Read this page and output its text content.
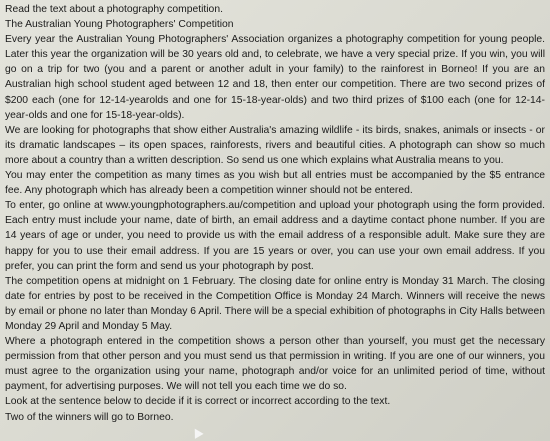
Read the text about a photography competition.
The Australian Young Photographers' Competition
Every year the Australian Young Photographers' Association organizes a photography competition for young people. Later this year the organization will be 30 years old and, to celebrate, we have a very special prize. If you win, you will go on a trip for two (you and a parent or another adult in your family) to the rainforest in Borneo! If you are an Australian high school student aged between 12 and 18, then enter our competition. There are two second prizes of $200 each (one for 12-14-yearolds and one for 15-18-year-olds) and two third prizes of $100 each (one for 12-14-year-olds and one for 15-18-year-olds).
We are looking for photographs that show either Australia's amazing wildlife - its birds, snakes, animals or insects - or its dramatic landscapes – its open spaces, rainforests, rivers and beautiful cities. A photograph can show so much more about a country than a written description. So send us one which explains what Australia means to you.
You may enter the competition as many times as you wish but all entries must be accompanied by the $5 entrance fee. Any photograph which has already been a competition winner should not be entered.
To enter, go online at www.youngphotographers.au/competition and upload your photograph using the form provided. Each entry must include your name, date of birth, an email address and a daytime contact phone number. If you are 14 years of age or under, you need to provide us with the email address of a responsible adult. Make sure they are happy for you to use their email address. If you are 15 years or over, you can use your own email address. If you prefer, you can print the form and send us your photograph by post.
The competition opens at midnight on 1 February. The closing date for online entry is Monday 31 March. The closing date for entries by post to be received in the Competition Office is Monday 24 March. Winners will receive the news by email or phone no later than Monday 6 April. There will be a special exhibition of photographs in City Halls between Monday 29 April and Monday 5 May.
Where a photograph entered in the competition shows a person other than yourself, you must get the necessary permission from that other person and you must send us that permission in writing. If you are one of our winners, you must agree to the organization using your name, photograph and/or voice for an unlimited period of time, without payment, for advertising purposes. We will not tell you each time we do so.
Look at the sentence below to decide if it is correct or incorrect according to the text.
Two of the winners will go to Borneo.
